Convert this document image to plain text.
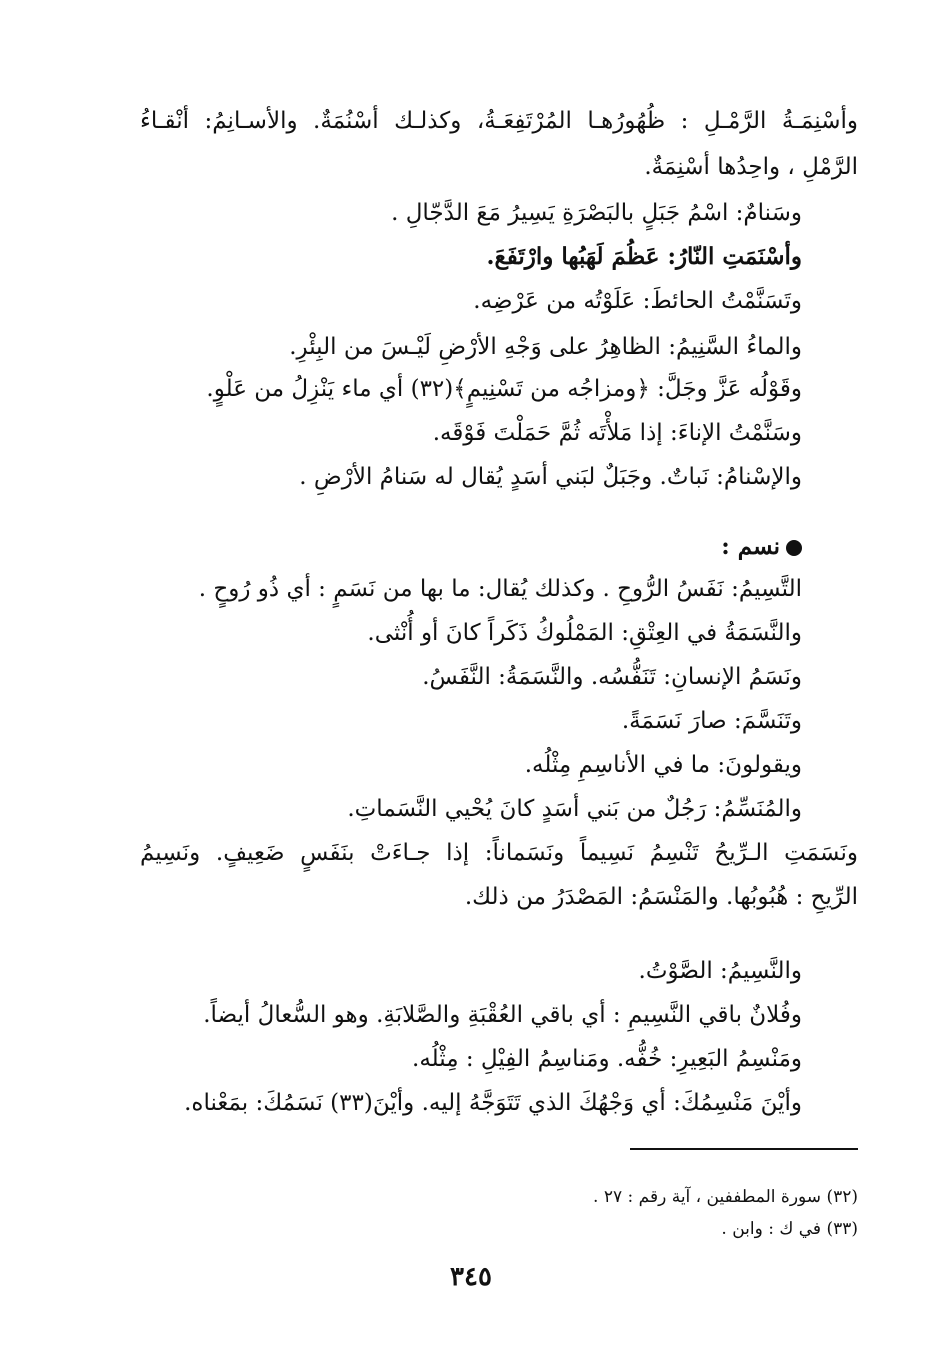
وأسْنِمَـةُ الرَّمْـلِ : ظُهُورُهـا المُرْتَفِعَـةُ، وكذلـك أسْنُمَةٌ. والأسـانِمُ: أنْقـاءُ
الرَّمْلِ ، واحِدُها أسْنِمَةٌ.
وسَنامٌ: اسْمُ جَبَلٍ بالبَصْرَةِ يَسِيرُ مَعَ الدَّجّالِ .
وأسْنَمَتِ النّارُ: عَظُمَ لَهَبُها وارْتَفَعَ.
وتَسَنَّمْتُ الحائطَ: عَلَوْتُه من عَرْضِه.
والماءُ السَّنِيمُ: الظاهِرُ على وَجْهِ الأرْضِ لَيْـسَ من البِئْرِ.
وقَوْلُه عَزَّ وجَلَّ: ﴿ومزاجُه من تَسْنِيمٍ﴾(٣٢) أي ماء يَنْزِلُ من عَلْوٍ.
وسَنَّمْتُ الإناءَ: إذا مَلأْتَه ثُمَّ حَمَلْتَ فَوْقَه.
والإسْنامُ: نَباتٌ. وجَبَلٌ لبَني أسَدٍ يُقال له سَنامُ الأرْضِ .
نسم :
التَّسِيمُ: نَفَسُ الرُّوحِ . وكذلك يُقال: ما بها من نَسَمٍ : أي ذُو رُوحٍ .
والنَّسَمَةُ في العِتْقِ: المَمْلُوكُ ذَكَراً كانَ أو أُنْثى.
ونَسَمُ الإنسانِ: تَنَفُّسُه. والنَّسَمَةُ: النَّفَسُ.
وتَنَسَّمَ: صارَ نَسَمَةً.
ويقولونَ: ما في الأناسِمِ مِثْلُه.
والمُنَسِّمُ: رَجُلٌ من بَني أسَدٍ كانَ يُحْيي النَّسَماتِ.
ونَسَمَتِ الـرِّيحُ تَنْسِمُ نَسِيماً ونَسَماناً: إذا جـاءَتْ بنَفَسٍ ضَعِيفٍ. ونَسِيمُ
الرِّيحِ : هُبُوبُها. والمَنْسَمُ: المَصْدَرُ من ذلك.
والنَّسِيمُ: الصَّوْتُ.
وفُلانٌ باقي النَّسِيمِ : أي باقي العُقْبَةِ والصَّلابَةِ. وهو السُّعالُ أيضاً.
ومَنْسِمُ البَعِيرِ: خُفُّه. ومَناسِمُ الفِيْلِ : مِثْلُه.
وأيْنَ مَنْسِمُكَ: أي وَجْهُكَ الذي تَتَوَجَّهُ إليه. وأيْنَ(٣٣) نَسَمُكَ: بمَعْناه.
(٣٢) سورة المطففين ، آية رقم : ٢٧ .
(٣٣) في ك : وابن .
٣٤٥
